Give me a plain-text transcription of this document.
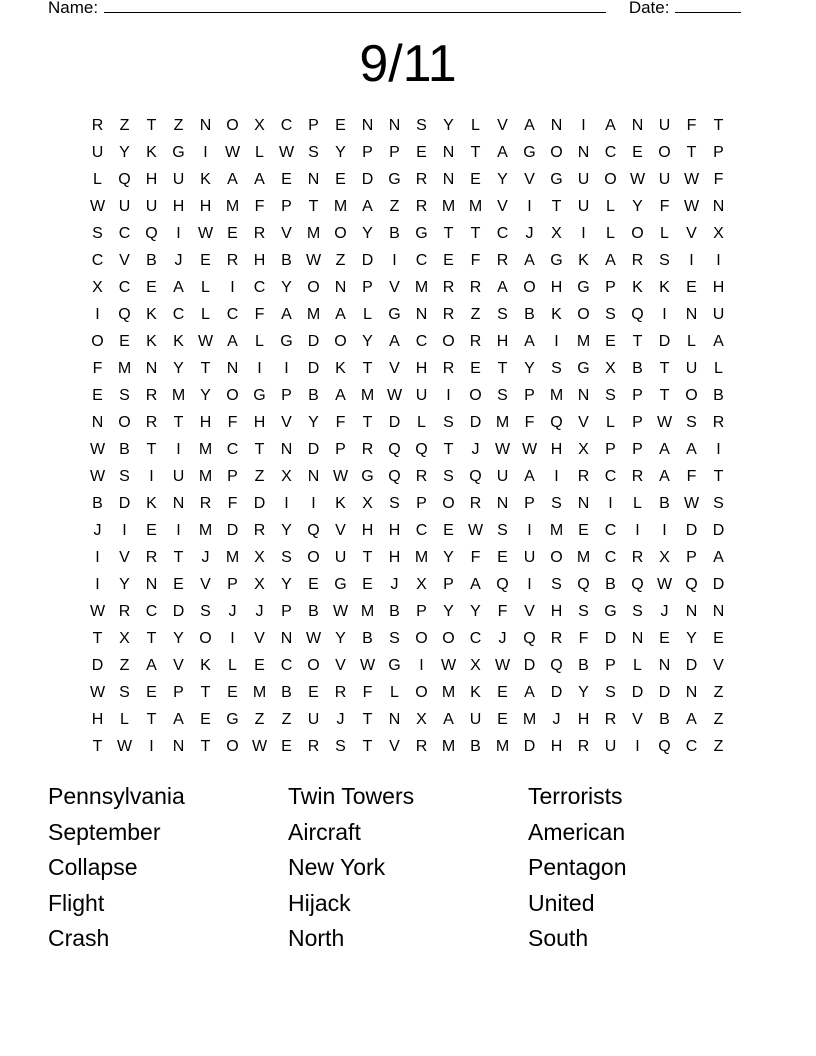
Name:	Date:
9/11
R	Z	T	Z	N O X C P	E N N S	Y	L	V	A N	I	A N U	F	T
U Y	K G	I	W L W S	Y	P	P	E N	T	A G O N C E O T	P
L	Q H U K	A	A	E N E D G R N E	Y	V G U O W U W F
W U U H H M F	P	T M A	Z	R M M V	I	T	U	L	Y	F W N
S C Q	I	W E R V M O Y	B G T	T	C	J	X	I	L	O	L	V	X
C V	B	J	E R H B W Z	D	I	C E	F	R A G K	A R S	I	I
X C E	A	L	I	C Y O N P	V M R R A O H G P	K	K	E H
I	Q K C	L	C	F	A M A	L	G N R	Z	S	B	K O S Q	I	N U
O E	K	K W A	L	G D O Y	A C O R H A	I	M E	T	D	L	A
F M N Y	T	N	I	I	D K	T	V H R E	T	Y	S G X	B	T	U	L
E	S R M Y O G P	B	A M W U	I	O S	P M N S	P	T O B
N O R	T	H	F	H V	Y	F	T	D	L	S D M F Q V	L	P W S R
W B	T	I	M C	T	N D P R Q Q T	J W W H X	P	P	A	A	I
W S	I	U M P	Z	X N W G Q R S Q U A	I	R C R A	F	T
B D K N R	F	D	I	I	K	X	S	P O R N P	S N	I	L	B W S
J	I	E	I	M D R Y Q V H H C E W S	I	M E C	I	I	D D
I	V R	T	J	M X	S O U	T	H M Y	F	E U O M C R X	P	A
I	Y N E	V	P	X	Y	E G E	J	X	P	A Q	I	S Q B Q W Q D
W R C D S	J	J	P	B W M B	P	Y	Y	F	V H S G S	J	N N
T	X	T	Y O	I	V N W Y	B	S O O C	J	Q R	F	D N E	Y	E
D	Z	A	V	K	L	E C O V W G	I	W X W D Q B	P	L	N D V
W S	E	P	T	E M B	E R	F	L	O M K	E	A D Y	S D D N	Z
H	L	T	A	E G Z	Z	U	J	T	N X	A U E M	J	H R V	B	A	Z
T W	I	N	T O W E R S	T	V R M B M D H R U	I	Q C	Z
Pennsylvania	Twin Towers	Terrorists
September	Aircraft	American
Collapse	New York	Pentagon
Flight	Hijack	United
Crash	North	South
